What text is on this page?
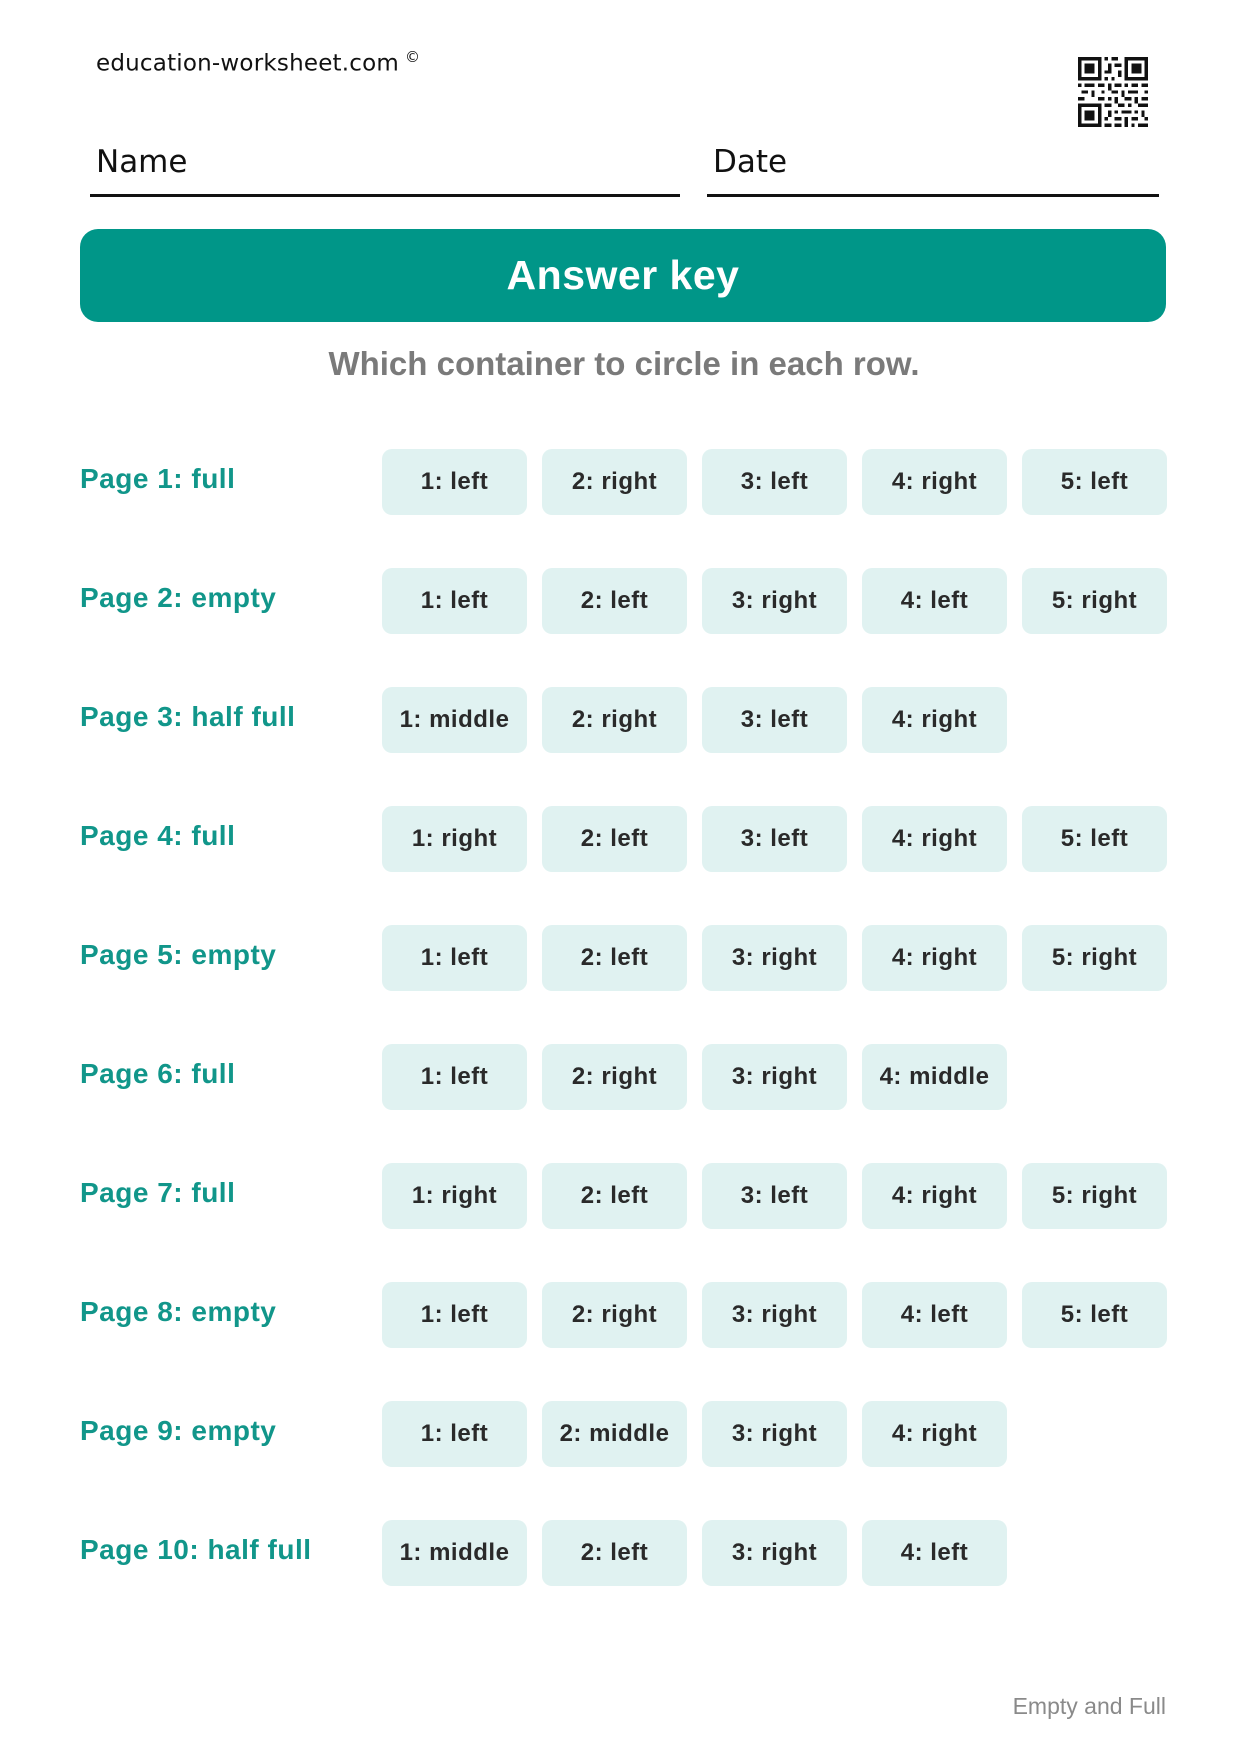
education-worksheet.com ©
Name	Date
Answer key
Which container to circle in each row.
Page 1: full	1: left	2: right	3: left	4: right	5: left
Page 2: empty	1: left	2: left	3: right	4: left	5: right
Page 3: half full	1: middle	2: right	3: left	4: right
Page 4: full	1: right	2: left	3: left	4: right	5: left
Page 5: empty	1: left	2: left	3: right	4: right	5: right
Page 6: full	1: left	2: right	3: right	4: middle
Page 7: full	1: right	2: left	3: left	4: right	5: right
Page 8: empty	1: left	2: right	3: right	4: left	5: left
Page 9: empty	1: left	2: middle	3: right	4: right
Page 10: half full	1: middle	2: left	3: right	4: left
Empty and Full
